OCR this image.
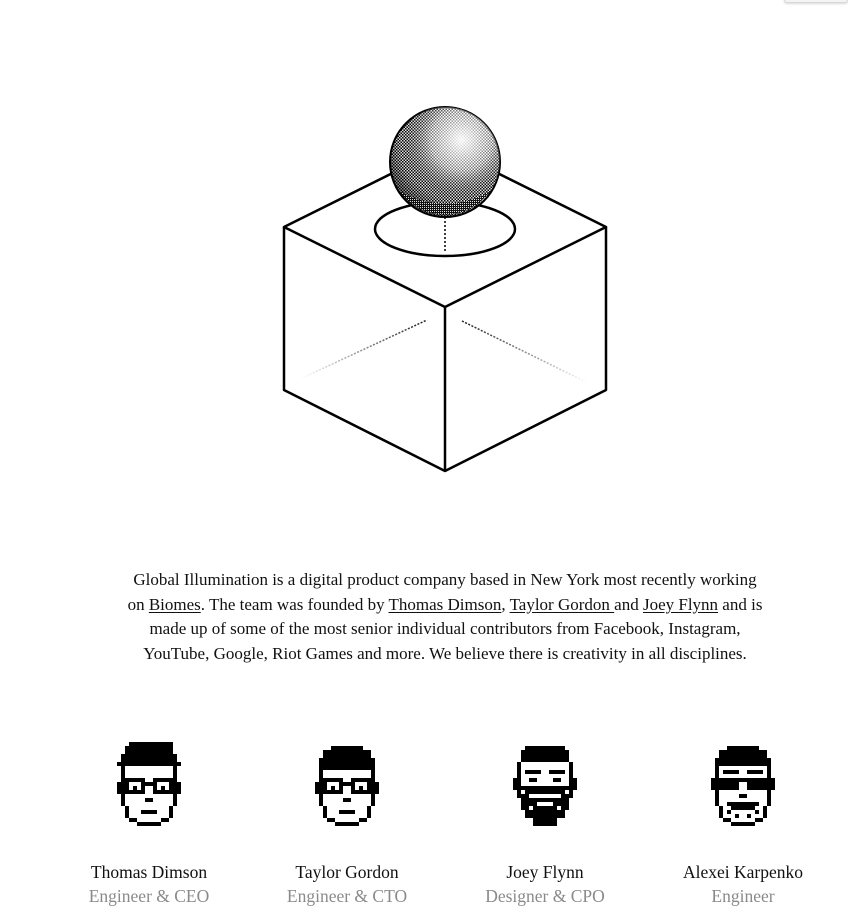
Global Illumination is a digital product company based in New York most recently working on Biomes. The team was founded by Thomas Dimson, Taylor Gordon and Joey Flynn and is made up of some of the most senior individual contributors from Facebook, Instagram, YouTube, Google, Riot Games and more. We believe there is creativity in all disciplines.

Thomas Dimson
Engineer & CEO
Taylor Gordon
Engineer & CTO
Joey Flynn
Designer & CPO
Alexei Karpenko
Engineer
